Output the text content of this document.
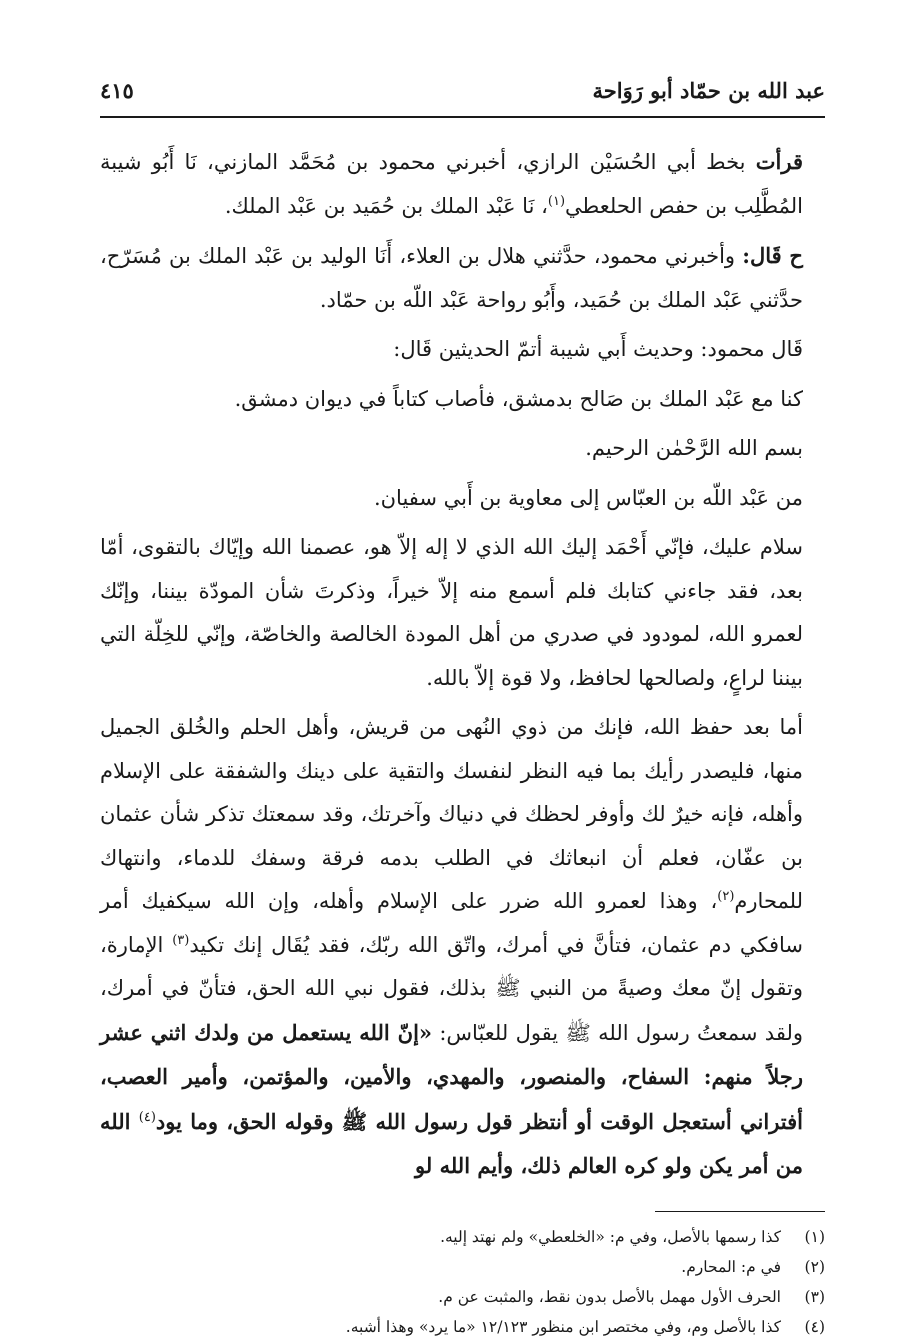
عبد الله بن حمّاد أبو رَوَاحة
٤١٥

قرأت بخط أبي الحُسَيْن الرازي، أخبرني محمود بن مُحَمَّد المازني، نَا أَبُو شيبة المُطَّلِب بن حفص الحلعطي$^{(١)}$، نَا عَبْد الملك بن حُمَيد بن عَبْد الملك.

ح قَال: وأخبرني محمود، حدَّثني هلال بن العلاء، أَنَا الوليد بن عَبْد الملك بن مُسَرّح، حدَّثني عَبْد الملك بن حُمَيد، وأَبُو رواحة عَبْد اللّه بن حمّاد.

قَال محمود: وحديث أَبي شيبة أتمّ الحديثين قَال:

كنا مع عَبْد الملك بن صَالح بدمشق، فأصاب كتاباً في ديوان دمشق.

بسم الله الرَّحْمٰن الرحيم.

من عَبْد اللّه بن العبّاس إلى معاوية بن أَبي سفيان.

سلام عليك، فإنّي أَحْمَد إليك الله الذي لا إله إلاّ هو، عصمنا الله وإيّاك بالتقوى، أمّا بعد، فقد جاءني كتابك فلم أسمع منه إلاّ خيراً، وذكرتَ شأن المودّة بيننا، وإنّك لعمرو الله، لمودود في صدري من أهل المودة الخالصة والخاصّة، وإنّي للخِلّة التي بيننا لراعٍ، ولصالحها لحافظ، ولا قوة إلاّ بالله.

أما بعد حفظ الله، فإنك من ذوي النُهى من قريش، وأهل الحلم والخُلق الجميل منها، فليصدر رأيك بما فيه النظر لنفسك والتقية على دينك والشفقة على الإسلام وأهله، فإنه خيرٌ لك وأوفر لحظك في دنياك وآخرتك، وقد سمعتك تذكر شأن عثمان بن عفّان، فعلم أن انبعاثك في الطلب بدمه فرقة وسفك للدماء، وانتهاك للمحارم$^{(٢)}$، وهذا لعمرو الله ضرر على الإسلام وأهله، وإن الله سيكفيك أمر سافكي دم عثمان، فتأنَّ في أمرك، واتّق الله ربّك، فقد يُقَال إنك تكيد$^{(٣)}$ الإمارة، وتقول إنّ معك وصيةً من النبي ﷺ بذلك، فقول نبي الله الحق، فتأنّ في أمرك، ولقد سمعتُ رسول الله ﷺ يقول للعبّاس: «إنّ الله يستعمل من ولدك اثني عشر رجلاً منهم: السفاح، والمنصور، والمهدي، والأمين، والمؤتمن، وأمير العصب، أفتراني أستعجل الوقت أو أنتظر قول رسول الله ﷺ وقوله الحق، وما يود$^{(٤)}$ الله من أمر يكن ولو كره العالم ذلك، وأيم الله لو

(١)
كذا رسمها بالأصل، وفي م: «الخلعطي» ولم نهتد إليه.
(٢)
في م: المحارم.
(٣)
الحرف الأول مهمل بالأصل بدون نقط، والمثبت عن م.
(٤)
كذا بالأصل وم، وفي مختصر ابن منظور ١٢/١٢٣ «ما يرد» وهذا أشبه.
